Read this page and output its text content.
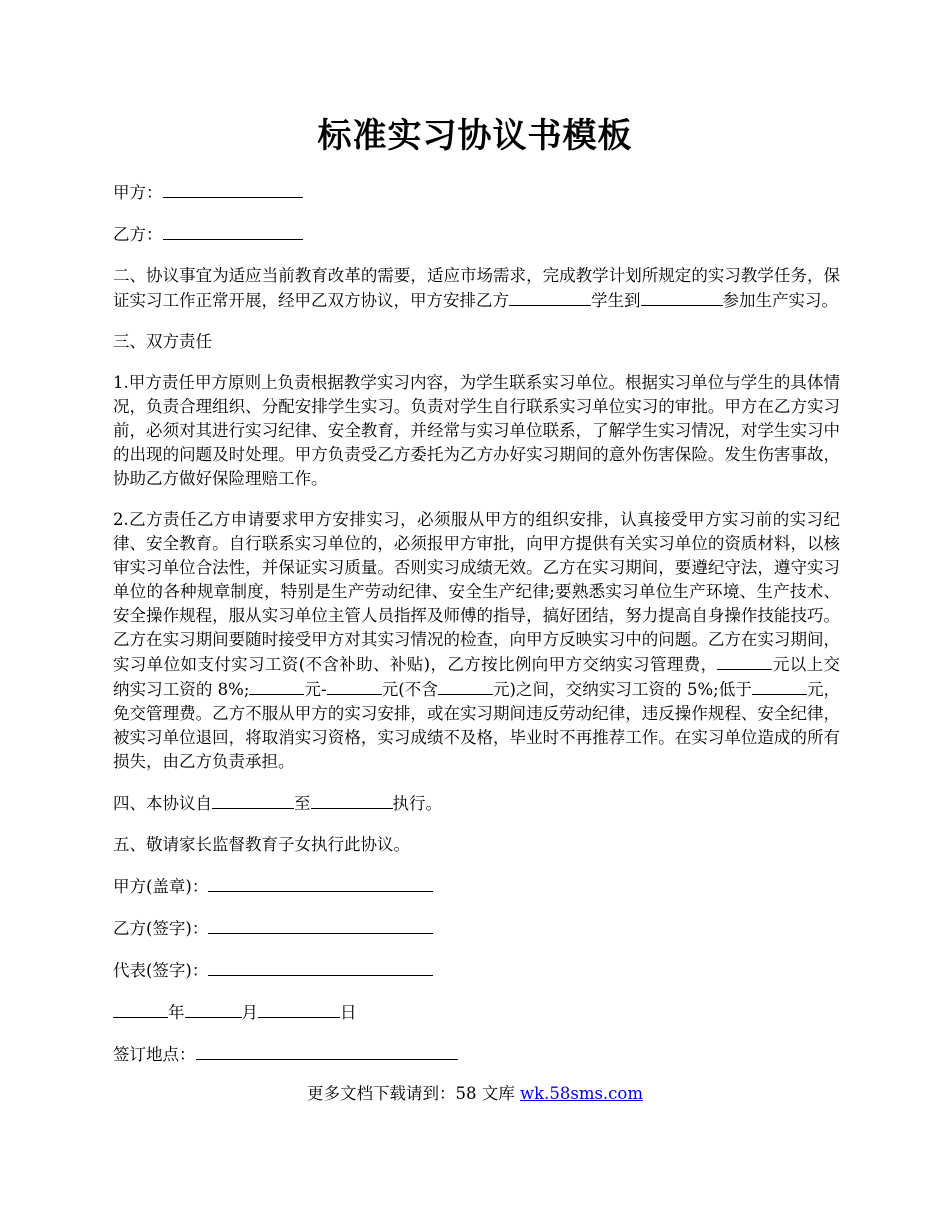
标准实习协议书模板

甲方：

乙方：

二、协议事宜为适应当前教育改革的需要，适应市场需求，完成教学计划所规定的实习教学任务，保证实习工作正常开展，经甲乙双方协议，甲方安排乙方	学生到	参加生产实习。

三、双方责任

1.甲方责任甲方原则上负责根据教学实习内容，为学生联系实习单位。根据实习单位与学生的具体情况，负责合理组织、分配安排学生实习。负责对学生自行联系实习单位实习的审批。甲方在乙方实习前，必须对其进行实习纪律、安全教育，并经常与实习单位联系，了解学生实习情况，对学生实习中的出现的问题及时处理。甲方负责受乙方委托为乙方办好实习期间的意外伤害保险。发生伤害事故，协助乙方做好保险理赔工作。

2.乙方责任乙方申请要求甲方安排实习，必须服从甲方的组织安排，认真接受甲方实习前的实习纪律、安全教育。自行联系实习单位的，必须报甲方审批，向甲方提供有关实习单位的资质材料，以核审实习单位合法性，并保证实习质量。否则实习成绩无效。乙方在实习期间，要遵纪守法，遵守实习单位的各种规章制度，特别是生产劳动纪律、安全生产纪律;要熟悉实习单位生产环境、生产技术、安全操作规程，服从实习单位主管人员指挥及师傅的指导，搞好团结，努力提高自身操作技能技巧。乙方在实习期间要随时接受甲方对其实习情况的检查，向甲方反映实习中的问题。乙方在实习期间，实习单位如支付实习工资(不含补助、补贴)，乙方按比例向甲方交纳实习管理费，	元以上交纳实习工资的 8%;	元-	元(不含	元)之间，交纳实习工资的 5%;低于	元，免交管理费。乙方不服从甲方的实习安排，或在实习期间违反劳动纪律，违反操作规程、安全纪律，被实习单位退回，将取消实习资格，实习成绩不及格，毕业时不再推荐工作。在实习单位造成的所有损失，由乙方负责承担。

四、本协议自	至	执行。

五、敬请家长监督教育子女执行此协议。

甲方(盖章)：

乙方(签字)：

代表(签字)：

年	月	日

签订地点：

更多文档下载请到：58 文库 wk.58sms.com
